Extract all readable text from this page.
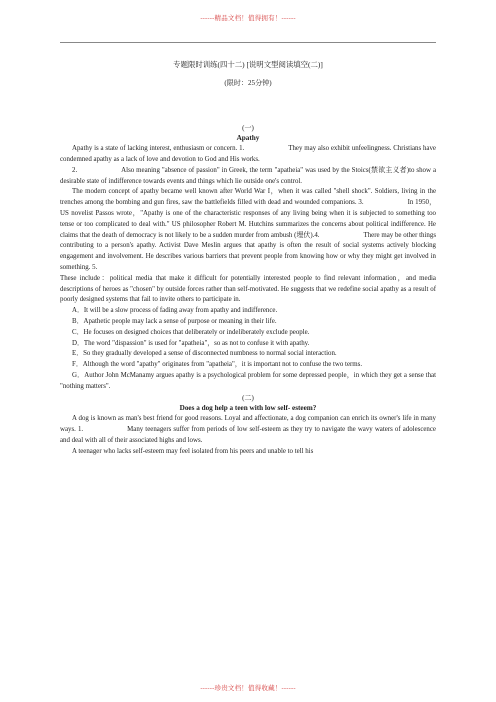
------精品文档！值得拥有！------
专题限时训练(四十二) [说明文型阅读填空(二)]
(限时：25分钟)
(一)
Apathy

Apathy is a state of lacking interest, enthusiasm or concern. 1.	They may also exhibit unfeelingness. Christians have condemned apathy as a lack of love and devotion to God and His works.

2.	Also meaning "absence of passion" in Greek, the term "apatheia" was used by the Stoics(禁欲主义者)to show a desirable state of indifference towards events and things which lie outside one's control.

The modern concept of apathy became well known after World War I，when it was called "shell shock". Soldiers, living in the trenches among the bombing and gun fires, saw the battlefields filled with dead and wounded companions. 3.	In 1950，US novelist Passos wrote，"Apathy is one of the characteristic responses of any living being when it is subjected to something too tense or too complicated to deal with." US philosopher Robert M. Hutchins summarizes the concerns about political indifference. He claims that the death of democracy is not likely to be a sudden murder from ambush (埋伏).4.	There may be other things contributing to a person's apathy. Activist Dave Meslin argues that apathy is often the result of social systems actively blocking engagement and involvement. He describes various barriers that prevent people from knowing how or why they might get involved in something. 5.

These include：political media that make it difficult for potentially interested people to find relevant information，and media descriptions of heroes as "chosen" by outside forces rather than self-motivated. He suggests that we redefine social apathy as a result of poorly designed systems that fail to invite others to participate in.

A．It will be a slow process of fading away from apathy and indifference.

B．Apathetic people may lack a sense of purpose or meaning in their life.

C．He focuses on designed choices that deliberately or indeliberately exclude people.

D．The word "dispassion" is used for "apatheia"，so as not to confuse it with apathy.

E．So they gradually developed a sense of disconnected numbness to normal social interaction.

F．Although the word "apathy" originates from "apatheia"，it is important not to confuse the two terms.

G．Author John McManamy argues apathy is a psychological problem for some depressed people，in which they get a sense that "nothing matters".

(二)
Does a dog help a teen with low self- esteem?

A dog is known as man's best friend for good reasons. Loyal and affectionate, a dog companion can enrich its owner's life in many ways. 1.	Many teenagers suffer from periods of low self-esteem as they try to navigate the wavy waters of adolescence and deal with all of their associated highs and lows.

A teenager who lacks self-esteem may feel isolated from his peers and unable to tell his

------珍贵文档！值得收藏！------
